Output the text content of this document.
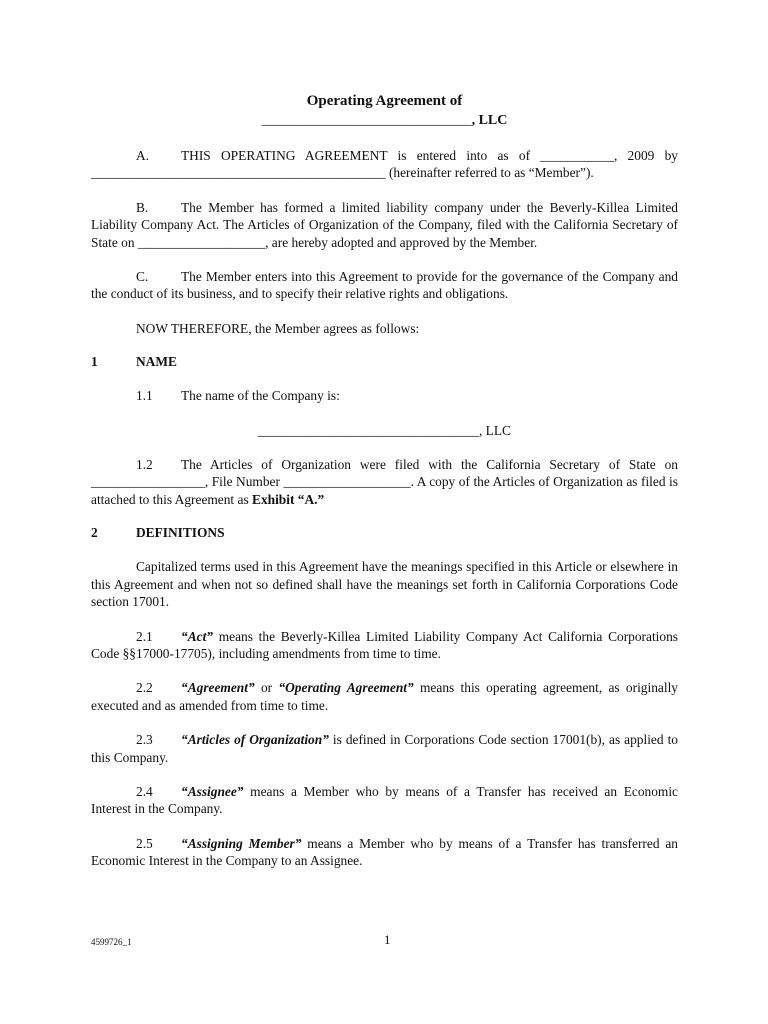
Operating Agreement of
______________________________, LLC

A. THIS OPERATING AGREEMENT is entered into as of ___________, 2009 by ____________________________________________ (hereinafter referred to as “Member”).

B. The Member has formed a limited liability company under the Beverly-Killea Limited Liability Company Act. The Articles of Organization of the Company, filed with the California Secretary of State on ___________________, are hereby adopted and approved by the Member.

C. The Member enters into this Agreement to provide for the governance of the Company and the conduct of its business, and to specify their relative rights and obligations.

NOW THEREFORE, the Member agrees as follows:

1	NAME

1.1 The name of the Company is:

_________________________________, LLC

1.2 The Articles of Organization were filed with the California Secretary of State on _________________, File Number ___________________. A copy of the Articles of Organization as filed is attached to this Agreement as Exhibit “A.”

2	DEFINITIONS

Capitalized terms used in this Agreement have the meanings specified in this Article or elsewhere in this Agreement and when not so defined shall have the meanings set forth in California Corporations Code section 17001.

2.1 “Act” means the Beverly-Killea Limited Liability Company Act California Corporations Code §§17000-17705), including amendments from time to time.

2.2 “Agreement” or “Operating Agreement” means this operating agreement, as originally executed and as amended from time to time.

2.3 “Articles of Organization” is defined in Corporations Code section 17001(b), as applied to this Company.

2.4 “Assignee” means a Member who by means of a Transfer has received an Economic Interest in the Company.

2.5 “Assigning Member” means a Member who by means of a Transfer has transferred an Economic Interest in the Company to an Assignee.

4599726_1	1
